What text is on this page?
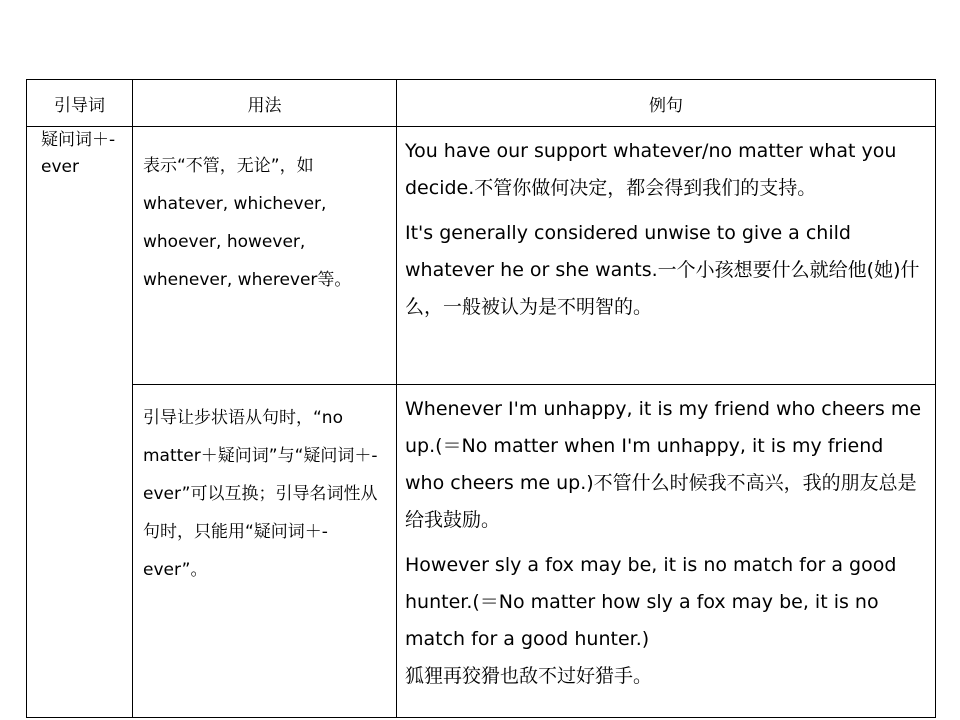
引导词	用法	例句
疑问词＋-ever	表示“不管，无论”，如whatever, whichever, whoever, however, whenever, wherever等。	You have our support whatever/no matter what you decide.不管你做何决定，都会得到我们的支持。

It's generally considered unwise to give a child whatever he or she wants.一个小孩想要什么就给他(她)什么，一般被认为是不明智的。

	引导让步状语从句时，“no matter＋疑问词”与“疑问词＋-ever”可以互换；引导名词性从句时，只能用“疑问词＋-ever”。	Whenever I'm unhappy, it is my friend who cheers me up.(＝No matter when I'm unhappy, it is my friend who cheers me up.)不管什么时候我不高兴，我的朋友总是给我鼓励。

However sly a fox may be, it is no match for a good hunter.(＝No matter how sly a fox may be, it is no match for a good hunter.)

狐狸再狡猾也敌不过好猎手。
